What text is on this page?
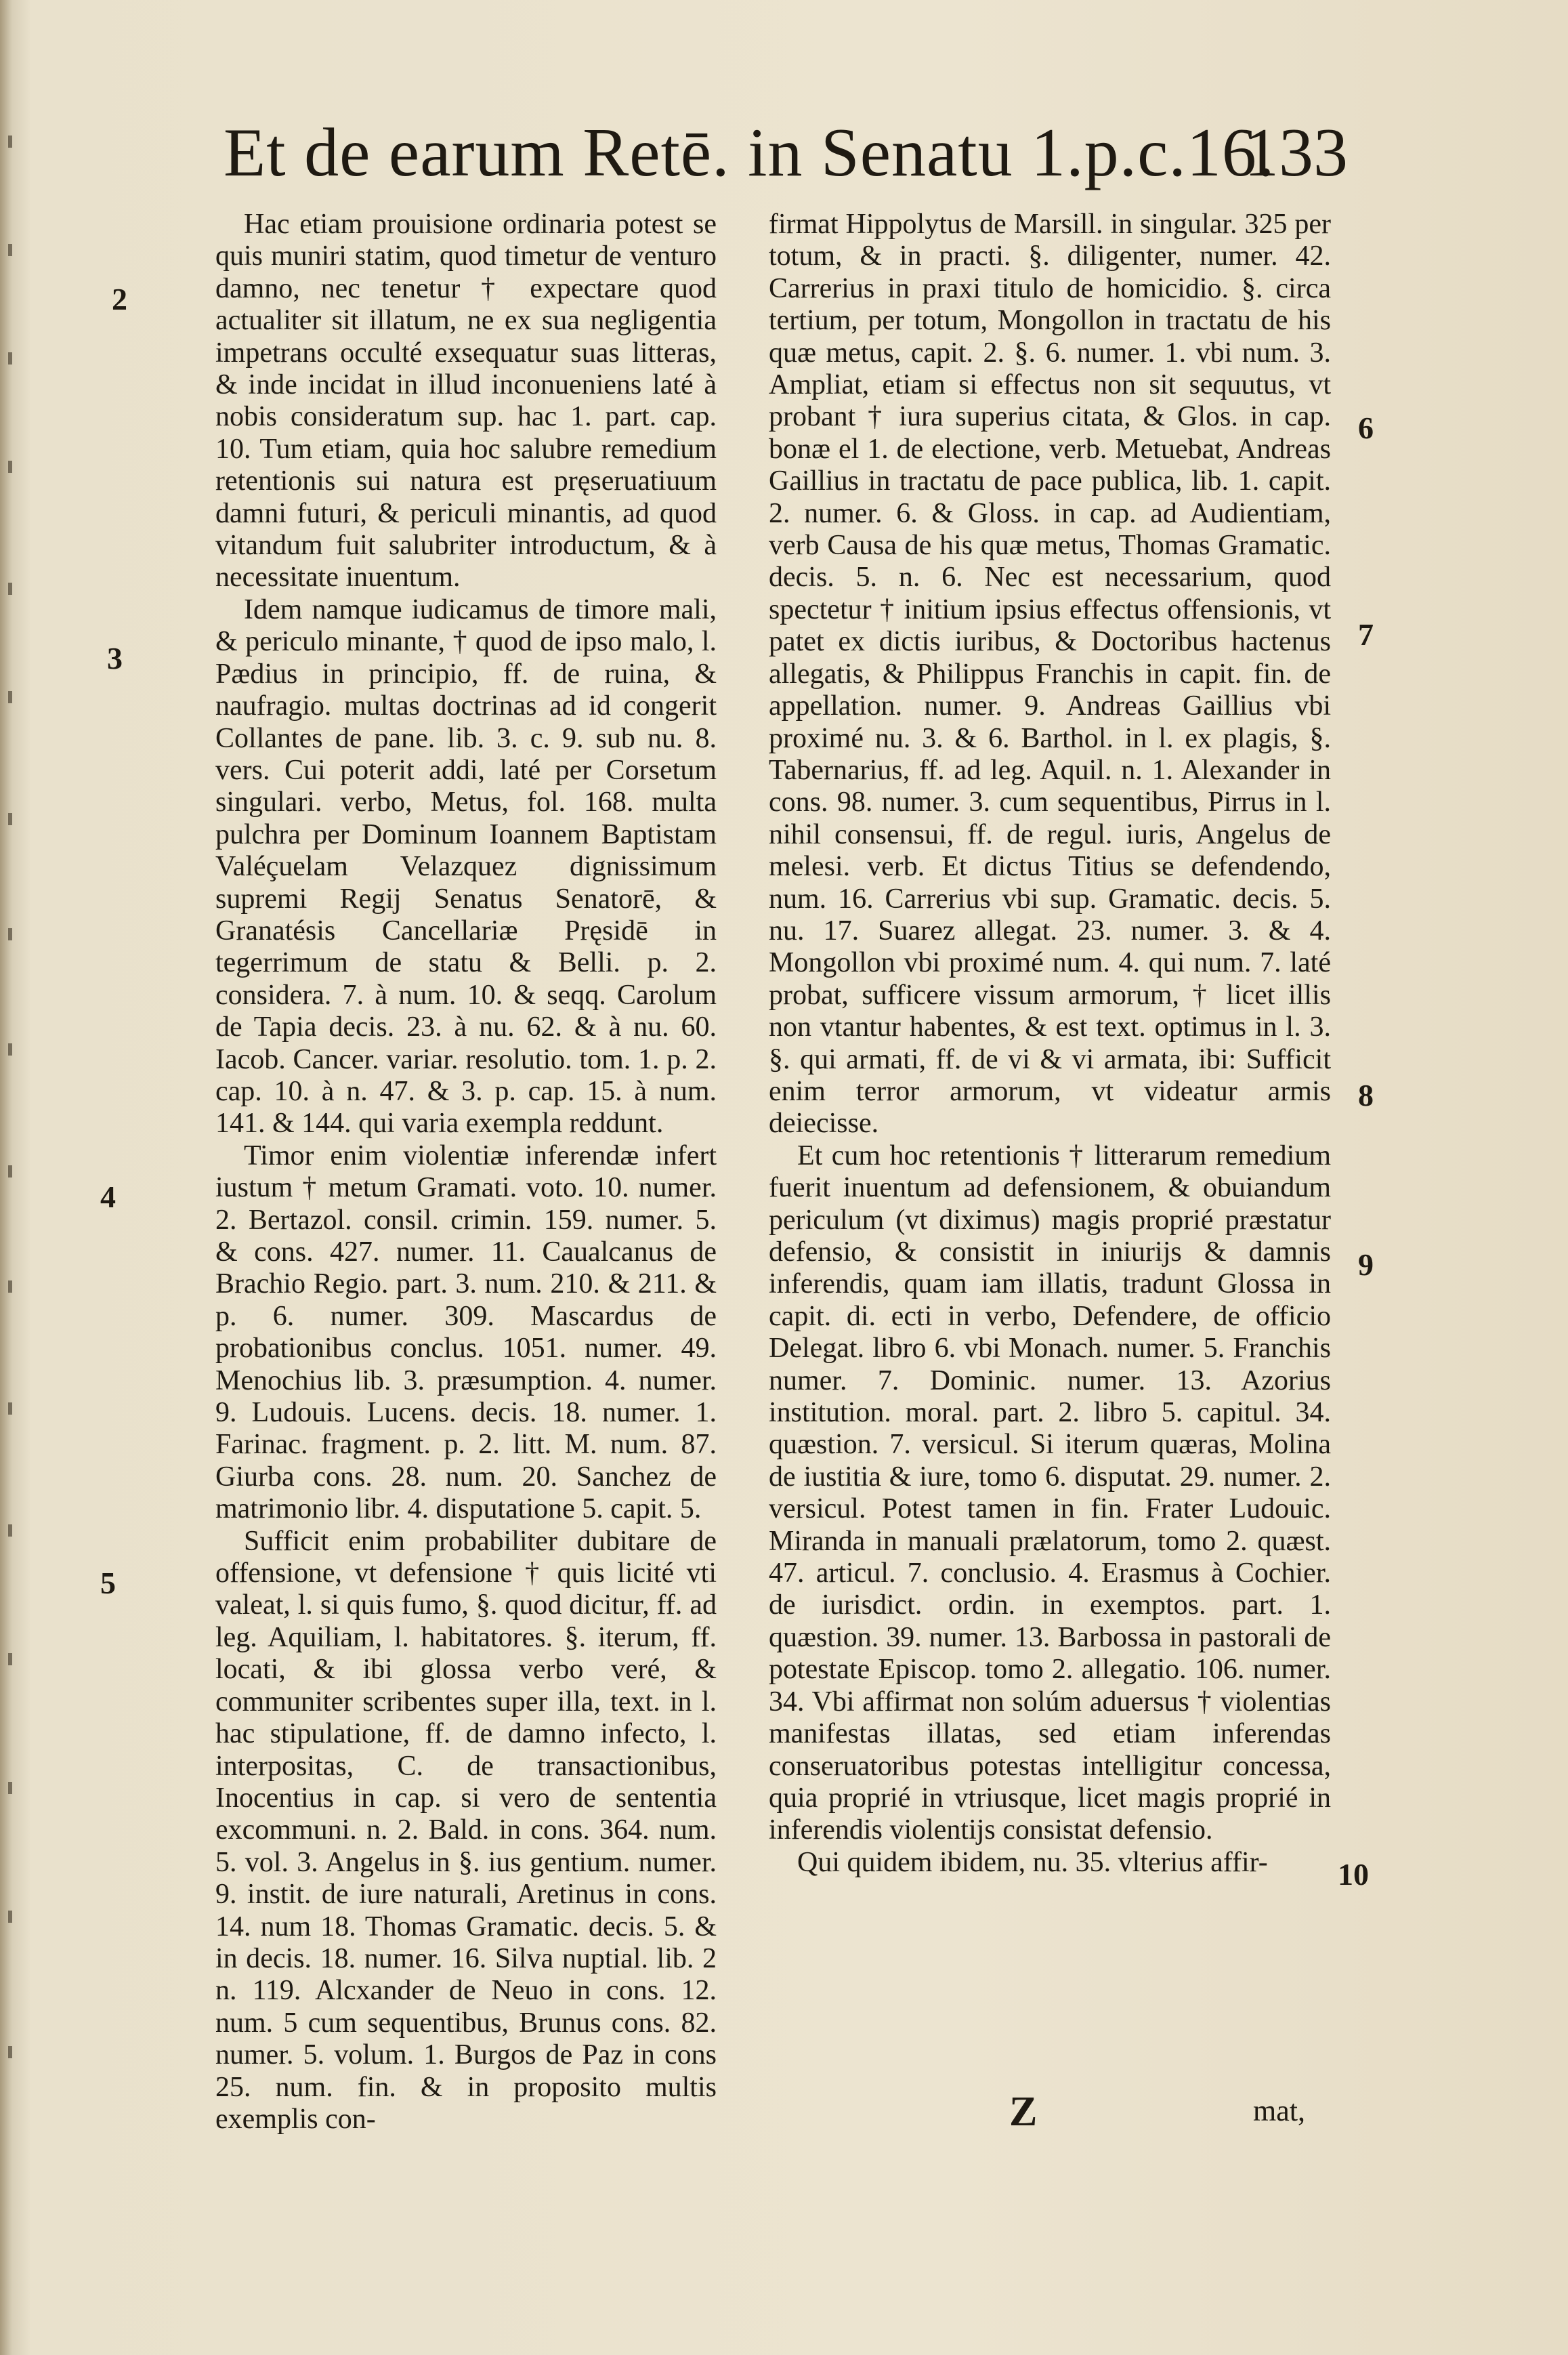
Et de earum Retē. in Senatu 1.p.c.16.
133
2
3
4
5
6
7
8
9
10

Hac etiam prouisione ordinaria potest se quis muniri statim, quod timetur de venturo damno, nec tenetur † expectare quod actualiter sit illatum, ne ex sua negligentia impetrans occulté exsequatur suas litteras, & inde incidat in illud inconueniens laté à nobis consideratum sup. hac 1. part. cap. 10. Tum etiam, quia hoc salubre remedium retentionis sui natura est pręseruatiuum damni futuri, & periculi minantis, ad quod vitandum fuit salubriter introductum, & à necessitate inuentum.

Idem namque iudicamus de timore mali, & periculo minante, † quod de ipso malo, l. Pædius in principio, ff. de ruina, & naufragio. multas doctrinas ad id congerit Collantes de pane. lib. 3. c. 9. sub nu. 8. vers. Cui poterit addi, laté per Corsetum singulari. verbo, Metus, fol. 168. multa pulchra per Dominum Ioannem Baptistam Valéçuelam Velazquez dignissimum supremi Regij Senatus Senatorē, & Granatésis Cancellariæ Pręsidē in tegerrimum de statu & Belli. p. 2. considera. 7. à num. 10. & seqq. Carolum de Tapia decis. 23. à nu. 62. & à nu. 60. Iacob. Cancer. variar. resolutio. tom. 1. p. 2. cap. 10. à n. 47. & 3. p. cap. 15. à num. 141. & 144. qui varia exempla reddunt.

Timor enim violentiæ inferendæ infert iustum † metum Gramati. voto. 10. numer. 2. Bertazol. consil. crimin. 159. numer. 5. & cons. 427. numer. 11. Caualcanus de Brachio Regio. part. 3. num. 210. & 211. & p. 6. numer. 309. Mascardus de probationibus conclus. 1051. numer. 49. Menochius lib. 3. præsumption. 4. numer. 9. Ludouis. Lucens. decis. 18. numer. 1. Farinac. fragment. p. 2. litt. M. num. 87. Giurba cons. 28. num. 20. Sanchez de matrimonio libr. 4. disputatione 5. capit. 5.

Sufficit enim probabiliter dubitare de offensione, vt defensione † quis licité vti valeat, l. si quis fumo, §. quod dicitur, ff. ad leg. Aquiliam, l. habitatores. §. iterum, ff. locati, & ibi glossa verbo veré, & communiter scribentes super illa, text. in l. hac stipulatione, ff. de damno infecto, l. interpositas, C. de transactionibus, Inocentius in cap. si vero de sententia excommuni. n. 2. Bald. in cons. 364. num. 5. vol. 3. Angelus in §. ius gentium. numer. 9. instit. de iure naturali, Aretinus in cons. 14. num 18. Thomas Gramatic. decis. 5. & in decis. 18. numer. 16. Silva nuptial. lib. 2 n. 119. Alcxander de Neuo in cons. 12. num. 5 cum sequentibus, Brunus cons. 82. numer. 5. volum. 1. Burgos de Paz in cons 25. num. fin. & in proposito multis exemplis con-

firmat Hippolytus de Marsill. in singular. 325 per totum, & in practi. §. diligenter, numer. 42. Carrerius in praxi titulo de homicidio. §. circa tertium, per totum, Mongollon in tractatu de his quæ metus, capit. 2. §. 6. numer. 1. vbi num. 3. Ampliat, etiam si effectus non sit sequutus, vt probant † iura superius citata, & Glos. in cap. bonæ el 1. de electione, verb. Metuebat, Andreas Gaillius in tractatu de pace publica, lib. 1. capit. 2. numer. 6. & Gloss. in cap. ad Audientiam, verb Causa de his quæ metus, Thomas Gramatic. decis. 5. n. 6. Nec est necessarium, quod spectetur † initium ipsius effectus offensionis, vt patet ex dictis iuribus, & Doctoribus hactenus allegatis, & Philippus Franchis in capit. fin. de appellation. numer. 9. Andreas Gaillius vbi proximé nu. 3. & 6. Barthol. in l. ex plagis, §. Tabernarius, ff. ad leg. Aquil. n. 1. Alexander in cons. 98. numer. 3. cum sequentibus, Pirrus in l. nihil consensui, ff. de regul. iuris, Angelus de melesi. verb. Et dictus Titius se defendendo, num. 16. Carrerius vbi sup. Gramatic. decis. 5. nu. 17. Suarez allegat. 23. numer. 3. & 4. Mongollon vbi proximé num. 4. qui num. 7. laté probat, sufficere vissum armorum, † licet illis non vtantur habentes, & est text. optimus in l. 3. §. qui armati, ff. de vi & vi armata, ibi: Sufficit enim terror armorum, vt videatur armis deiecisse.

Et cum hoc retentionis † litterarum remedium fuerit inuentum ad defensionem, & obuiandum periculum (vt diximus) magis proprié præstatur defensio, & consistit in iniurijs & damnis inferendis, quam iam illatis, tradunt Glossa in capit. di. ecti in verbo, Defendere, de officio Delegat. libro 6. vbi Monach. numer. 5. Franchis numer. 7. Dominic. numer. 13. Azorius institution. moral. part. 2. libro 5. capitul. 34. quæstion. 7. versicul. Si iterum quæras, Molina de iustitia & iure, tomo 6. disputat. 29. numer. 2. versicul. Potest tamen in fin. Frater Ludouic. Miranda in manuali prælatorum, tomo 2. quæst. 47. articul. 7. conclusio. 4. Erasmus à Cochier. de iurisdict. ordin. in exemptos. part. 1. quæstion. 39. numer. 13. Barbossa in pastorali de potestate Episcop. tomo 2. allegatio. 106. numer. 34. Vbi affirmat non solúm aduersus † violentias manifestas illatas, sed etiam inferendas conseruatoribus potestas intelligitur concessa, quia proprié in vtriusque, licet magis proprié in inferendis violentijs consistat defensio.

Qui quidem ibidem, nu. 35. vlterius affir-

Z	mat,
